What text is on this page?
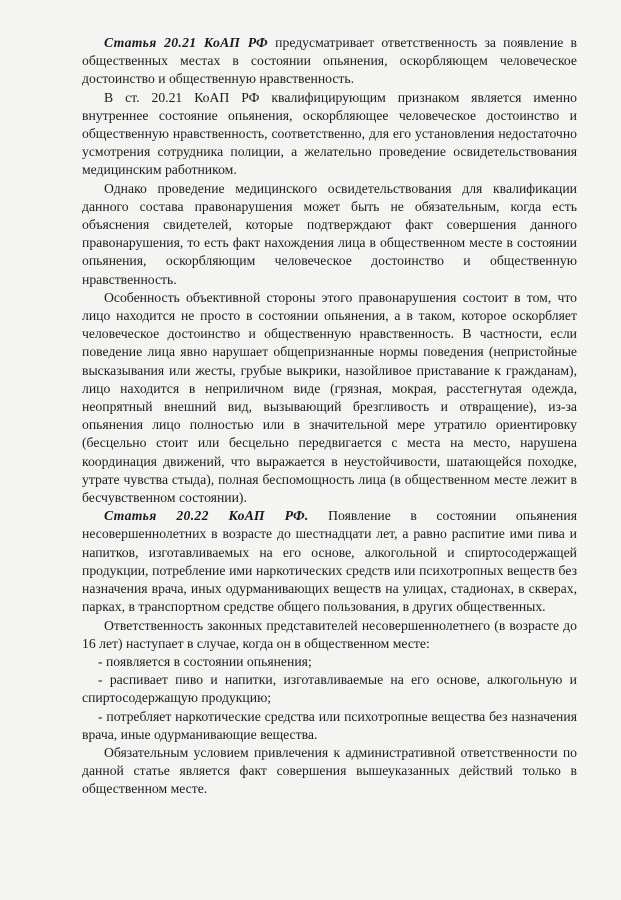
Статья 20.21 КоАП РФ предусматривает ответственность за появление в общественных местах в состоянии опьянения, оскорбляющем человеческое достоинство и общественную нравственность.

В ст. 20.21 КоАП РФ квалифицирующим признаком является именно внутреннее состояние опьянения, оскорбляющее человеческое достоинство и общественную нравственность, соответственно, для его установления недостаточно усмотрения сотрудника полиции, а желательно проведение освидетельствования медицинским работником.

Однако проведение медицинского освидетельствования для квалификации данного состава правонарушения может быть не обязательным, когда есть объяснения свидетелей, которые подтверждают факт совершения данного правонарушения, то есть факт нахождения лица в общественном месте в состоянии опьянения, оскорбляющим человеческое достоинство и общественную нравственность.

Особенность объективной стороны этого правонарушения состоит в том, что лицо находится не просто в состоянии опьянения, а в таком, которое оскорбляет человеческое достоинство и общественную нравственность. В частности, если поведение лица явно нарушает общепризнанные нормы поведения (непристойные высказывания или жесты, грубые выкрики, назойливое приставание к гражданам), лицо находится в неприличном виде (грязная, мокрая, расстегнутая одежда, неопрятный внешний вид, вызывающий брезгливость и отвращение), из-за опьянения лицо полностью или в значительной мере утратило ориентировку (бесцельно стоит или бесцельно передвигается с места на место, нарушена координация движений, что выражается в неустойчивости, шатающейся походке, утрате чувства стыда), полная беспомощность лица (в общественном месте лежит в бесчувственном состоянии).

Статья 20.22 КоАП РФ. Появление в состоянии опьянения несовершеннолетних в возрасте до шестнадцати лет, а равно распитие ими пива и напитков, изготавливаемых на его основе, алкогольной и спиртосодержащей продукции, потребление ими наркотических средств или психотропных веществ без назначения врача, иных одурманивающих веществ на улицах, стадионах, в скверах, парках, в транспортном средстве общего пользования, в других общественных.

Ответственность законных представителей несовершеннолетнего (в возрасте до 16 лет) наступает в случае, когда он в общественном месте:

- появляется в состоянии опьянения;

- распивает пиво и напитки, изготавливаемые на его основе, алкогольную и спиртосодержащую продукцию;

- потребляет наркотические средства или психотропные вещества без назначения врача, иные одурманивающие вещества.

Обязательным условием привлечения к административной ответственности по данной статье является факт совершения вышеуказанных действий только в общественном месте.
